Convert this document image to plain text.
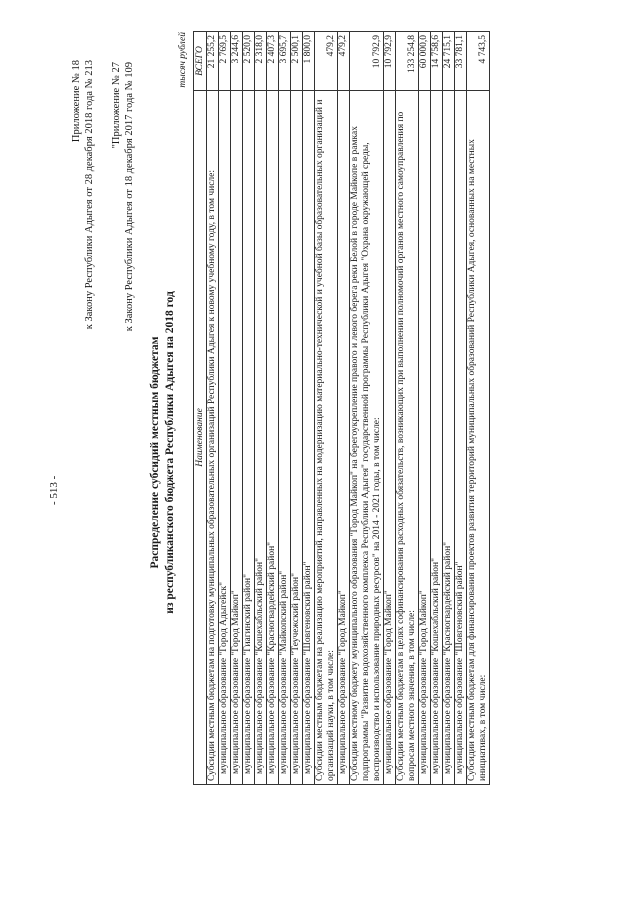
- 513 -
Приложение № 18 к Закону Республики Адыгея от 28 декабря 2018 года № 213 "Приложение № 27 к Закону Республики Адыгея от 18 декабря 2017 года № 109
Распределение субсидий местным бюджетам из республиканского бюджета Республики Адыгея на 2018 год
тысяч рублей
Наименование	ВСЕГО
Субсидии местным бюджетам на подготовку муниципальных образовательных организаций Республики Адыгея к новому учебному году, в том числе:	21 255,2
муниципальное образование "Город Адыгейск"	2 769,5
муниципальное образование "Город Майкоп"	3 244,6
муниципальное образование "Гиагинский район"	2 520,0
муниципальное образование "Кошехабльский район"	2 318,0
муниципальное образование "Красногвардейский район"	2 407,3
муниципальное образование "Майкопский район"	3 695,7
муниципальное образование "Теучежский район"	2 500,1
муниципальное образование "Шовгеновский район"	1 800,0
Субсидии местным бюджетам на реализацию мероприятий, направленных на модернизацию материально-технической и учебной базы образовательных организаций и организаций науки, в том числе:	479,2
муниципальное образование "Город Майкоп"	479,2
Субсидии местному бюджету муниципального образования "Город Майкоп" на берегоукрепление правого и левого берега реки Белой в городе Майкопе в рамках подпрограммы "Развитие водохозяйственного комплекса Республики Адыгея" государственной программы Республики Адыгея "Охрана окружающей среды, воспроизводство и использование природных ресурсов" на 2014 - 2021 годы, в том числе:	10 792,9
муниципальное образование "Город Майкоп"	10 792,9
Субсидии местным бюджетам в целях софинансирования расходных обязательств, возникающих при выполнении полномочий органов местного самоуправления по вопросам местного значения, в том числе:	133 254,8
муниципальное образование "Город Майкоп"	60 000,0
муниципальное образование "Кошехабльский район"	14 758,6
муниципальное образование "Красногвардейский район"	24 715,1
муниципальное образование "Шовгеновский район"	33 781,1
Субсидии местным бюджетам для финансирования проектов развития территорий муниципальных образований Республики Адыгея, основанных на местных инициативах, в том числе:	4 743,5
